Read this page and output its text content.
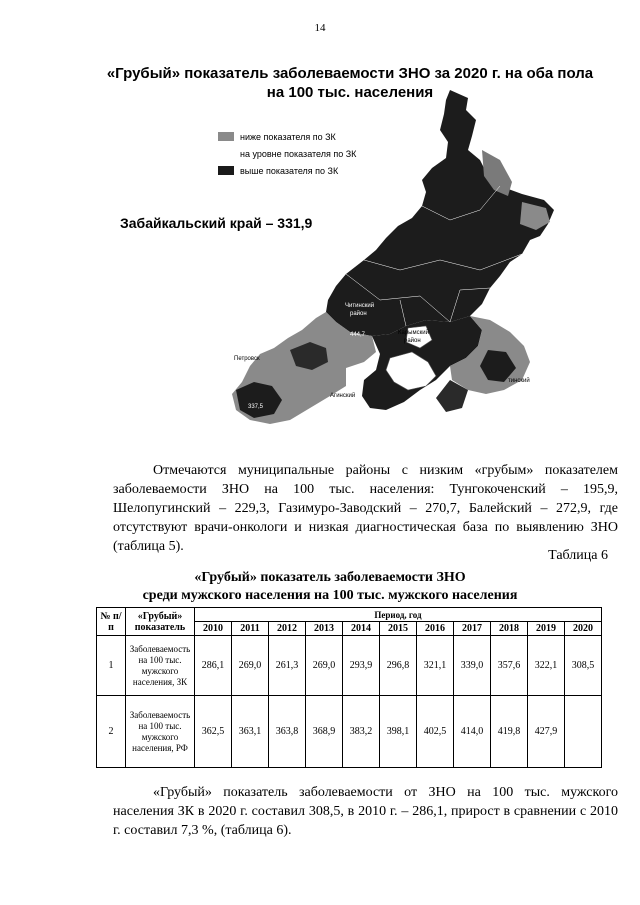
14
«Грубый» показатель заболеваемости ЗНО за 2020 г. на оба пола
на 100 тыс. населения
ниже показателя по ЗК
на уровне показателя по ЗК
выше показателя по ЗК
Забайкальский край – 331,9
Читинский
район
444,7	Карымский
район
Агинский
Петровск
337,5
тинский
Отмечаются муниципальные районы с низким «грубым» показателем заболеваемости ЗНО на 100 тыс. населения: Тунгокоченский – 195,9, Шелопугинский – 229,3, Газимуро-Заводский – 270,7, Балейский – 272,9, где отсутствуют врачи-онкологи и низкая диагностическая база по выявлению ЗНО (таблица 5).
Таблица 6
«Грубый» показатель заболеваемости ЗНО
среди мужского населения на 100 тыс. мужского населения
№ п/п	«Грубый» показатель	Период, год										
		2010	2011	2012	2013	2014	2015	2016	2017	2018	2019	2020
1	Заболеваемость на 100 тыс. мужского населения, ЗК	286,1	269,0	261,3	269,0	293,9	296,8	321,1	339,0	357,6	322,1	308,5
2	Заболеваемость на 100 тыс. мужского населения, РФ	362,5	363,1	363,8	368,9	383,2	398,1	402,5	414,0	419,8	427,9	
«Грубый» показатель заболеваемости от ЗНО на 100 тыс. мужского населения ЗК в 2020 г. составил 308,5, в 2010 г. – 286,1, прирост в сравнении с 2010 г. составил 7,3 %, (таблица 6).
